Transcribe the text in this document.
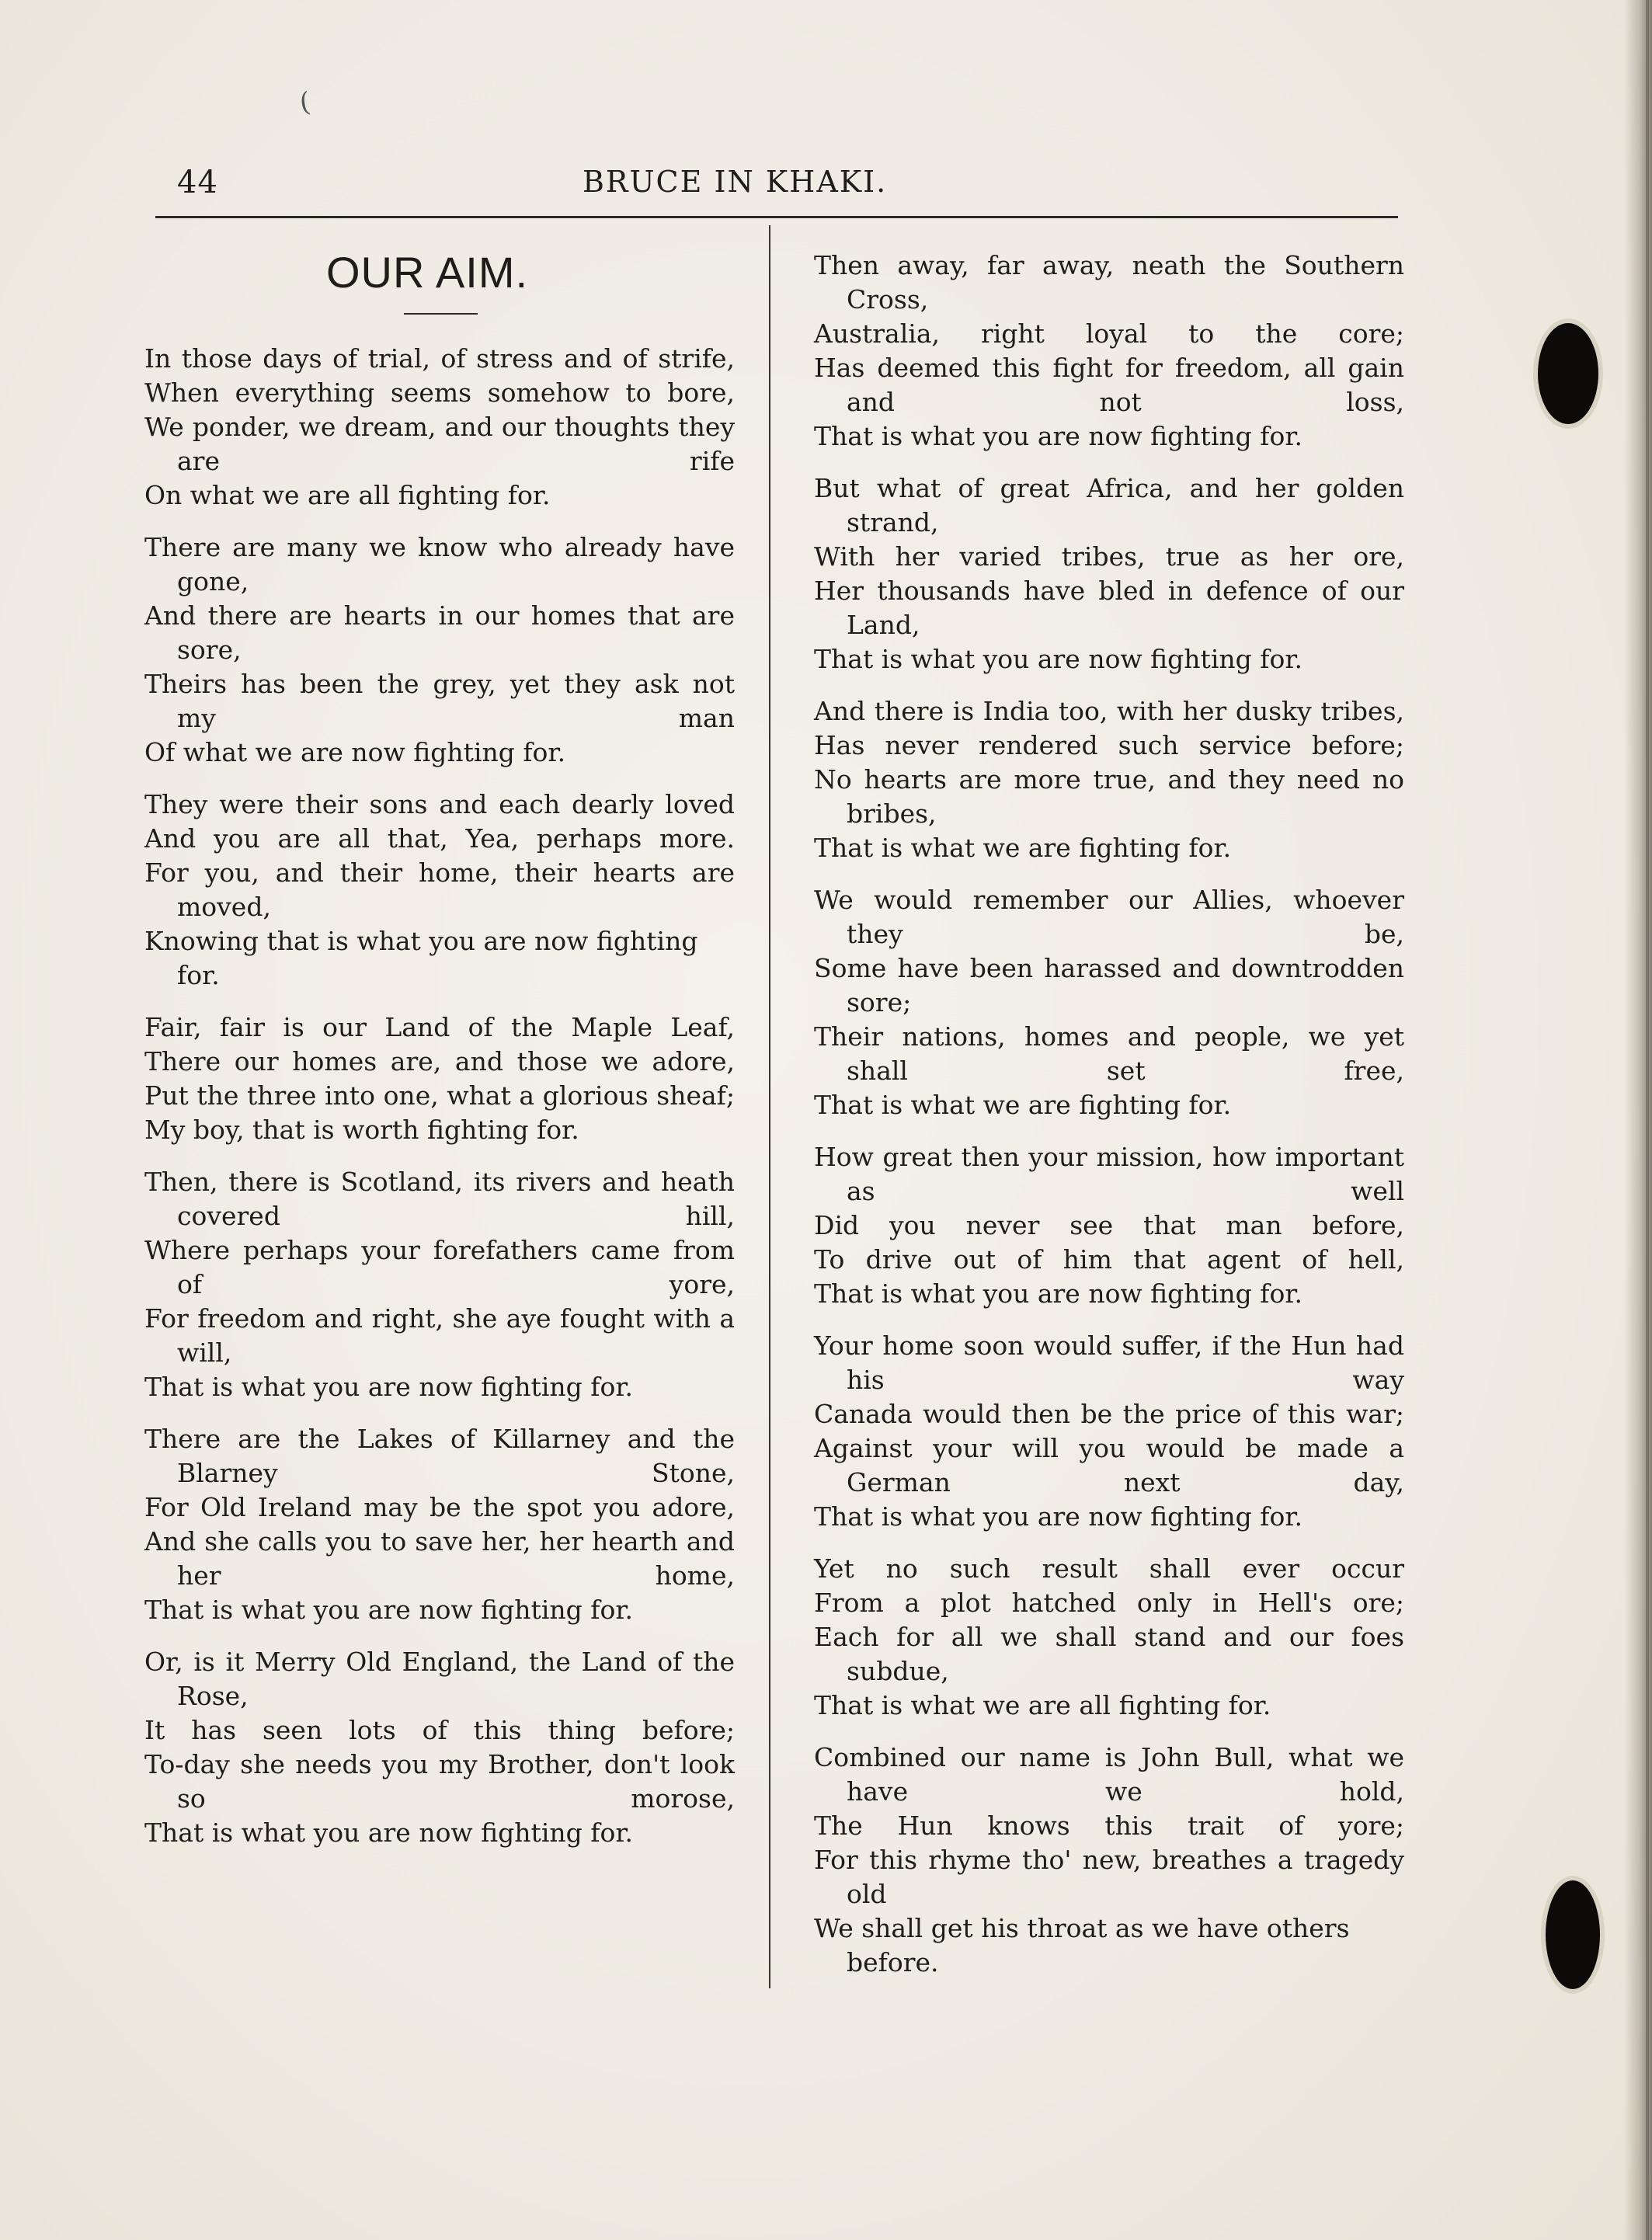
(
44	BRUCE IN KHAKI.
OUR AIM.
In those days of trial, of stress and of strife,
When everything seems somehow to bore,
We ponder, we dream, and our thoughts they are rife
On what we are all fighting for.
There are many we know who already have gone,
And there are hearts in our homes that are sore,
Theirs has been the grey, yet they ask not my man
Of what we are now fighting for.
They were their sons and each dearly loved
And you are all that, Yea, perhaps more.
For you, and their home, their hearts are moved,
Knowing that is what you are now fighting for.
Fair, fair is our Land of the Maple Leaf,
There our homes are, and those we adore,
Put the three into one, what a glorious sheaf;
My boy, that is worth fighting for.
Then, there is Scotland, its rivers and heath covered hill,
Where perhaps your forefathers came from of yore,
For freedom and right, she aye fought with a will,
That is what you are now fighting for.
There are the Lakes of Killarney and the Blarney Stone,
For Old Ireland may be the spot you adore,
And she calls you to save her, her hearth and her home,
That is what you are now fighting for.
Or, is it Merry Old England, the Land of the Rose,
It has seen lots of this thing before;
To-day she needs you my Brother, don't look so morose,
That is what you are now fighting for.
Then away, far away, neath the Southern Cross,
Australia, right loyal to the core;
Has deemed this fight for freedom, all gain and not loss,
That is what you are now fighting for.
But what of great Africa, and her golden strand,
With her varied tribes, true as her ore,
Her thousands have bled in defence of our Land,
That is what you are now fighting for.
And there is India too, with her dusky tribes,
Has never rendered such service before;
No hearts are more true, and they need no bribes,
That is what we are fighting for.
We would remember our Allies, whoever they be,
Some have been harassed and downtrodden sore;
Their nations, homes and people, we yet shall set free,
That is what we are fighting for.
How great then your mission, how important as well
Did you never see that man before,
To drive out of him that agent of hell,
That is what you are now fighting for.
Your home soon would suffer, if the Hun had his way
Canada would then be the price of this war;
Against your will you would be made a German next day,
That is what you are now fighting for.
Yet no such result shall ever occur
From a plot hatched only in Hell's ore;
Each for all we shall stand and our foes subdue,
That is what we are all fighting for.
Combined our name is John Bull, what we have we hold,
The Hun knows this trait of yore;
For this rhyme tho' new, breathes a tragedy old
We shall get his throat as we have others before.
